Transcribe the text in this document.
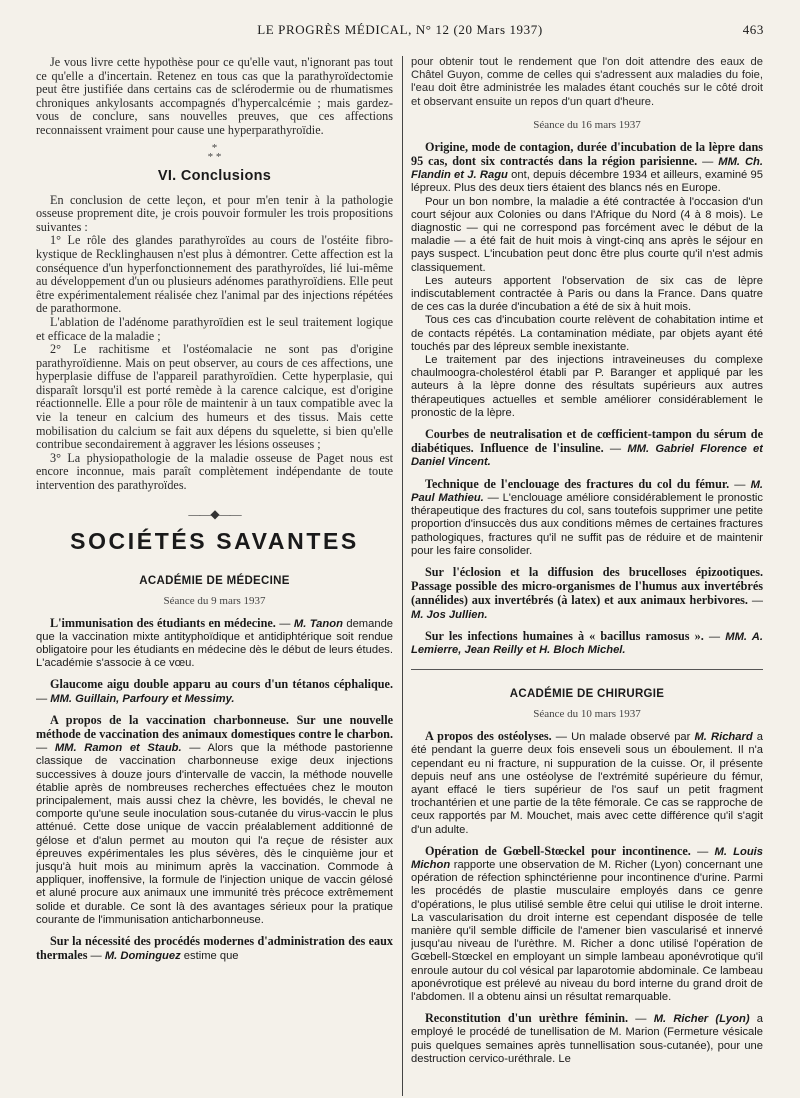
LE PROGRÈS MÉDICAL, N° 12 (20 Mars 1937)	463

Je vous livre cette hypothèse pour ce qu'elle vaut, n'ignorant pas tout ce qu'elle a d'incertain. Retenez en tous cas que la parathyroïdectomie peut être justifiée dans certains cas de sclérodermie ou de rhumatismes chroniques ankylosants accompagnés d'hypercalcémie ; mais gardez-vous de conclure, sans nouvelles preuves, que ces affections reconnaissent vraiment pour cause une hyperparathyroïdie.

*
* *
VI. Conclusions

En conclusion de cette leçon, et pour m'en tenir à la pathologie osseuse proprement dite, je crois pouvoir formuler les trois propositions suivantes :

1° Le rôle des glandes parathyroïdes au cours de l'ostéite fibro-kystique de Recklinghausen n'est plus à démontrer. Cette affection est la conséquence d'un hyperfonctionnement des parathyroïdes, lié lui-même au développement d'un ou plusieurs adénomes parathyroïdiens. Elle peut être expérimentalement réalisée chez l'animal par des injections répétées de parathormone.

L'ablation de l'adénome parathyroïdien est le seul traitement logique et efficace de la maladie ;

2° Le rachitisme et l'ostéomalacie ne sont pas d'origine parathyroïdienne. Mais on peut observer, au cours de ces affections, une hyperplasie diffuse de l'appareil parathyroïdien. Cette hyperplasie, qui disparaît lorsqu'il est porté remède à la carence calcique, est d'origine réactionnelle. Elle a pour rôle de maintenir à un taux compatible avec la vie la teneur en calcium des humeurs et des tissus. Mais cette mobilisation du calcium se fait aux dépens du squelette, si bien qu'elle contribue secondairement à aggraver les lésions osseuses ;

3° La physiopathologie de la maladie osseuse de Paget nous est encore inconnue, mais paraît complètement indépendante de toute intervention des parathyroïdes.

——◆——
SOCIÉTÉS SAVANTES
ACADÉMIE DE MÉDECINE
Séance du 9 mars 1937

L'immunisation des étudiants en médecine. — M. Tanon demande que la vaccination mixte antityphoïdique et antidiphtérique soit rendue obligatoire pour les étudiants en médecine dès le début de leurs études. L'académie s'associe à ce vœu.

Glaucome aigu double apparu au cours d'un tétanos céphalique. — MM. Guillain, Parfoury et Messimy.

A propos de la vaccination charbonneuse. Sur une nouvelle méthode de vaccination des animaux domestiques contre le charbon. — MM. Ramon et Staub. — Alors que la méthode pastorienne classique de vaccination charbonneuse exige deux injections successives à douze jours d'intervalle de vaccin, la méthode nouvelle établie après de nombreuses recherches effectuées chez le mouton principalement, mais aussi chez la chèvre, les bovidés, le cheval ne comporte qu'une seule inoculation sous-cutanée du virus-vaccin le plus atténué. Cette dose unique de vaccin préalablement additionné de gélose et d'alun permet au mouton qui l'a reçue de résister aux épreuves expérimentales les plus sévères, dès le cinquième jour et jusqu'à huit mois au minimum après la vaccination. Commode à appliquer, inoffensive, la formule de l'injection unique de vaccin gélosé et aluné procure aux animaux une immunité très précoce extrêmement solide et durable. Ce sont là des avantages sérieux pour la pratique courante de l'immunisation anticharbonneuse.

Sur la nécessité des procédés modernes d'administration des eaux thermales — M. Dominguez estime que

pour obtenir tout le rendement que l'on doit attendre des eaux de Châtel Guyon, comme de celles qui s'adressent aux maladies du foie, l'eau doit être administrée les malades étant couchés sur le côté droit et observant ensuite un repos d'un quart d'heure.

Séance du 16 mars 1937

Origine, mode de contagion, durée d'incubation de la lèpre dans 95 cas, dont six contractés dans la région parisienne. — MM. Ch. Flandin et J. Ragu ont, depuis décembre 1934 et ailleurs, examiné 95 lépreux. Plus des deux tiers étaient des blancs nés en Europe.

Pour un bon nombre, la maladie a été contractée à l'occasion d'un court séjour aux Colonies ou dans l'Afrique du Nord (4 à 8 mois). Le diagnostic — qui ne correspond pas forcément avec le début de la maladie — a été fait de huit mois à vingt-cinq ans après le séjour en pays suspect. L'incubation peut donc être plus courte qu'il n'est admis classiquement.

Les auteurs apportent l'observation de six cas de lèpre indiscutablement contractée à Paris ou dans la France. Dans quatre de ces cas la durée d'incubation a été de six à huit mois.

Tous ces cas d'incubation courte relèvent de cohabitation intime et de contacts répétés. La contamination médiate, par objets ayant été touchés par des lépreux semble inexistante.

Le traitement par des injections intraveineuses du complexe chaulmoogra-cholestérol établi par P. Baranger et appliqué par les auteurs à la lèpre donne des résultats supérieurs aux autres thérapeutiques actuelles et semble améliorer considérablement le pronostic de la lèpre.

Courbes de neutralisation et de cœfficient-tampon du sérum de diabétiques. Influence de l'insuline. — MM. Gabriel Florence et Daniel Vincent.

Technique de l'enclouage des fractures du col du fémur. — M. Paul Mathieu. — L'enclouage améliore considérablement le pronostic thérapeutique des fractures du col, sans toutefois supprimer une petite proportion d'insuccès dus aux conditions mêmes de certaines fractures pathologiques, fractures qu'il ne suffit pas de réduire et de maintenir pour les faire consolider.

Sur l'éclosion et la diffusion des brucelloses épizootiques. Passage possible des micro-organismes de l'humus aux invertébrés (annélides) aux invertébrés (à latex) et aux animaux herbivores. — M. Jos Jullien.

Sur les infections humaines à « bacillus ramosus ». — MM. A. Lemierre, Jean Reilly et H. Bloch Michel.

ACADÉMIE DE CHIRURGIE
Séance du 10 mars 1937

A propos des ostéolyses. — Un malade observé par M. Richard a été pendant la guerre deux fois enseveli sous un éboulement. Il n'a cependant eu ni fracture, ni suppuration de la cuisse. Or, il présente depuis neuf ans une ostéolyse de l'extrémité supérieure du fémur, ayant effacé le tiers supérieur de l'os sauf un petit fragment trochantérien et une partie de la tête fémorale. Ce cas se rapproche de ceux rapportés par M. Mouchet, mais avec cette différence qu'il s'agit d'un adulte.

Opération de Gœbell-Stœckel pour incontinence. — M. Louis Michon rapporte une observation de M. Richer (Lyon) concernant une opération de réfection sphinctérienne pour incontinence d'urine. Parmi les procédés de plastie musculaire employés dans ce genre d'opérations, le plus utilisé semble être celui qui utilise le droit interne. La vascularisation du droit interne est cependant disposée de telle manière qu'il semble difficile de l'amener bien vascularisé et innervé jusqu'au niveau de l'urèthre. M. Richer a donc utilisé l'opération de Gœbell-Stœckel en employant un simple lambeau aponévrotique qu'il enroule autour du col vésical par laparotomie abdominale. Ce lambeau aponévrotique est prélevé au niveau du bord interne du grand droit de l'abdomen. Il a obtenu ainsi un résultat remarquable.

Reconstitution d'un urèthre féminin. — M. Richer (Lyon) a employé le procédé de tunellisation de M. Marion (Fermeture vésicale puis quelques semaines après tunnellisation sous-cutanée), pour une destruction cervico-uréthrale. Le
